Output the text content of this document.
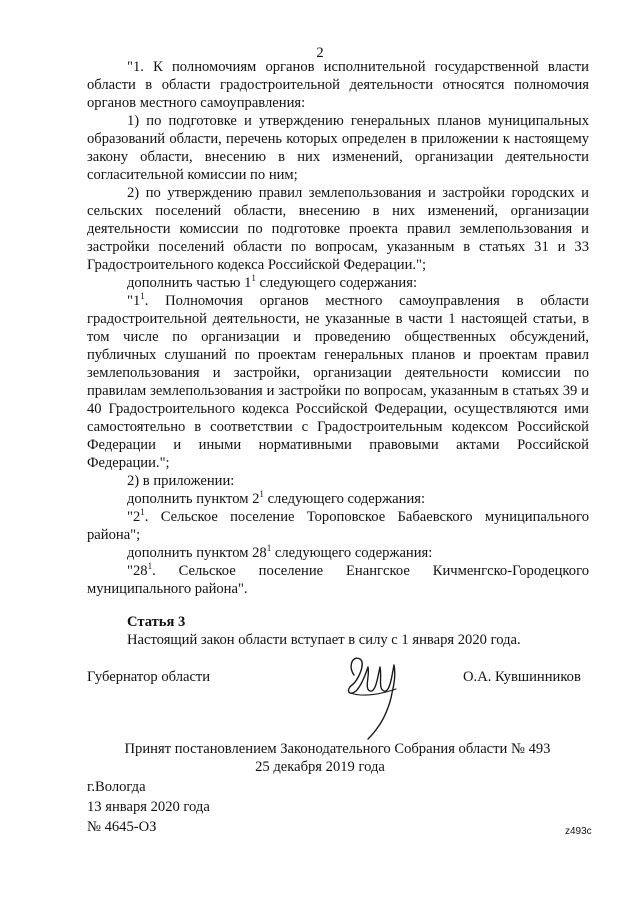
2

"1. К полномочиям органов исполнительной государственной власти области в области градостроительной деятельности относятся полномочия органов местного самоуправления:

1) по подготовке и утверждению генеральных планов муниципальных образований области, перечень которых определен в приложении к настоящему закону области, внесению в них изменений, организации деятельности согласительной комиссии по ним;

2) по утверждению правил землепользования и застройки городских и сельских поселений области, внесению в них изменений, организации деятельности комиссии по подготовке проекта правил землепользования и застройки поселений области по вопросам, указанным в статьях 31 и 33 Градостроительного кодекса Российской Федерации.";

дополнить частью $1^1$ следующего содержания:

"$1^1$. Полномочия органов местного самоуправления в области градостроительной деятельности, не указанные в части 1 настоящей статьи, в том числе по организации и проведению общественных обсуждений, публичных слушаний по проектам генеральных планов и проектам правил землепользования и застройки, организации деятельности комиссии по правилам землепользования и застройки по вопросам, указанным в статьях 39 и 40 Градостроительного кодекса Российской Федерации, осуществляются ими самостоятельно в соответствии с Градостроительным кодексом Российской Федерации и иными нормативными правовыми актами Российской Федерации.";

2) в приложении:

дополнить пунктом $2^1$ следующего содержания:

"$2^1$. Сельское поселение Тороповское Бабаевского муниципального района";

дополнить пунктом $28^1$ следующего содержания:

"$28^1$. Сельское поселение Енангское Кичменгско-Городецкого муниципального района".

Статья 3

Настоящий закон области вступает в силу с 1 января 2020 года.

Губернатор области	О.А. Кувшинников
Принят постановлением Законодательного Собрания области № 493
25 декабря 2019 года
г.Вологда
13 января 2020 года
№ 4645-ОЗ	z493c
